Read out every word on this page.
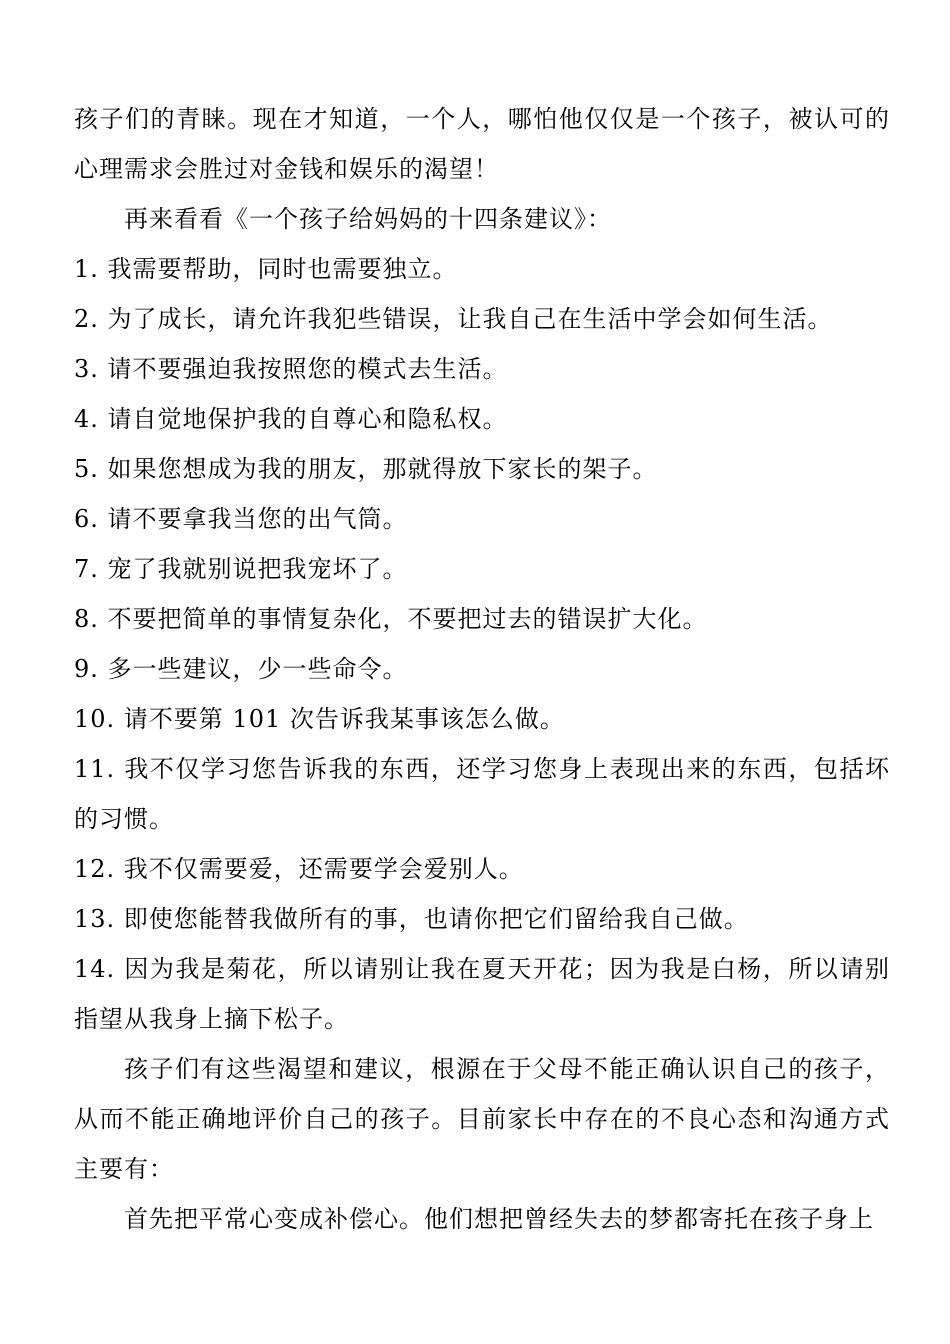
孩子们的青睐。现在才知道，一个人，哪怕他仅仅是一个孩子，被认可的心理需求会胜过对金钱和娱乐的渴望！

再来看看《一个孩子给妈妈的十四条建议》：

1. 我需要帮助，同时也需要独立。

2. 为了成长，请允许我犯些错误，让我自己在生活中学会如何生活。

3. 请不要强迫我按照您的模式去生活。

4. 请自觉地保护我的自尊心和隐私权。

5. 如果您想成为我的朋友，那就得放下家长的架子。

6. 请不要拿我当您的出气筒。

7. 宠了我就别说把我宠坏了。

8. 不要把简单的事情复杂化，不要把过去的错误扩大化。

9. 多一些建议，少一些命令。

10. 请不要第 101 次告诉我某事该怎么做。

11. 我不仅学习您告诉我的东西，还学习您身上表现出来的东西，包括坏的习惯。

12. 我不仅需要爱，还需要学会爱别人。

13. 即使您能替我做所有的事，也请你把它们留给我自己做。

14. 因为我是菊花，所以请别让我在夏天开花；因为我是白杨，所以请别指望从我身上摘下松子。

孩子们有这些渴望和建议，根源在于父母不能正确认识自己的孩子，从而不能正确地评价自己的孩子。目前家长中存在的不良心态和沟通方式主要有：

首先把平常心变成补偿心。他们想把曾经失去的梦都寄托在孩子身上
